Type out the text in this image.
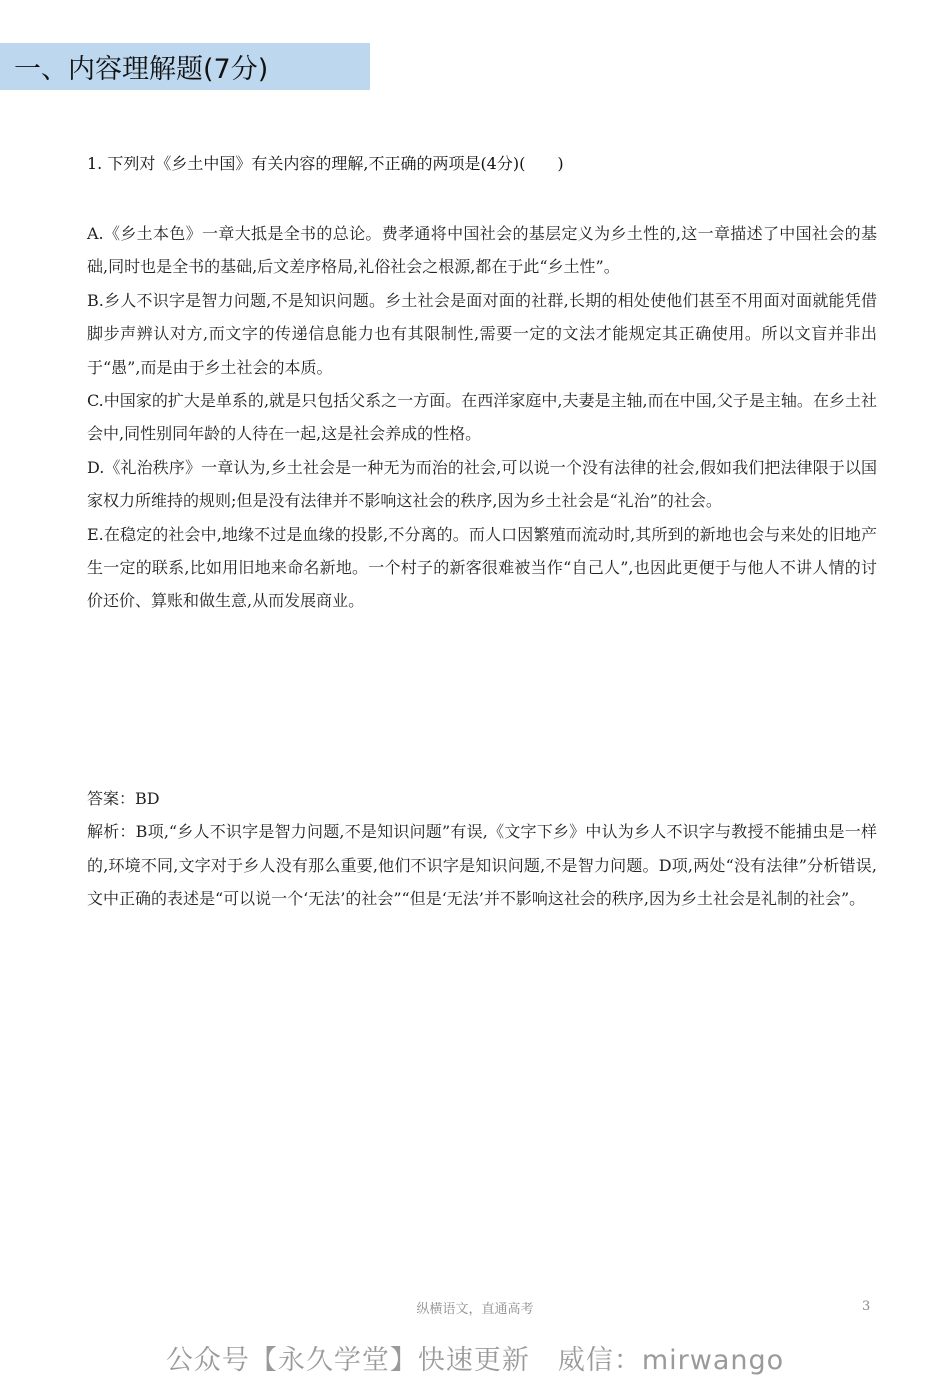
一、内容理解题(7分)
1. 下列对《乡土中国》有关内容的理解,不正确的两项是(4分)(　　)

A.《乡土本色》一章大抵是全书的总论。费孝通将中国社会的基层定义为乡土性的,这一章描述了中国社会的基础,同时也是全书的基础,后文差序格局,礼俗社会之根源,都在于此“乡土性”。

B.乡人不识字是智力问题,不是知识问题。乡土社会是面对面的社群,长期的相处使他们甚至不用面对面就能凭借脚步声辨认对方,而文字的传递信息能力也有其限制性,需要一定的文法才能规定其正确使用。所以文盲并非出于“愚”,而是由于乡土社会的本质。

C.中国家的扩大是单系的,就是只包括父系之一方面。在西洋家庭中,夫妻是主轴,而在中国,父子是主轴。在乡土社会中,同性别同年龄的人待在一起,这是社会养成的性格。

D.《礼治秩序》一章认为,乡土社会是一种无为而治的社会,可以说一个没有法律的社会,假如我们把法律限于以国家权力所维持的规则;但是没有法律并不影响这社会的秩序,因为乡土社会是“礼治”的社会。

E.在稳定的社会中,地缘不过是血缘的投影,不分离的。而人口因繁殖而流动时,其所到的新地也会与来处的旧地产生一定的联系,比如用旧地来命名新地。一个村子的新客很难被当作“自己人”,也因此更便于与他人不讲人情的讨价还价、算账和做生意,从而发展商业。

答案：BD

解析：B项,“乡人不识字是智力问题,不是知识问题”有误,《文字下乡》中认为乡人不识字与教授不能捕虫是一样的,环境不同,文字对于乡人没有那么重要,他们不识字是知识问题,不是智力问题。D项,两处“没有法律”分析错误,文中正确的表述是“可以说一个‘无法’的社会”“但是‘无法’并不影响这社会的秩序,因为乡土社会是礼制的社会”。

纵横语文，直通高考	3
公众号【永久学堂】快速更新　威信：mirwango
